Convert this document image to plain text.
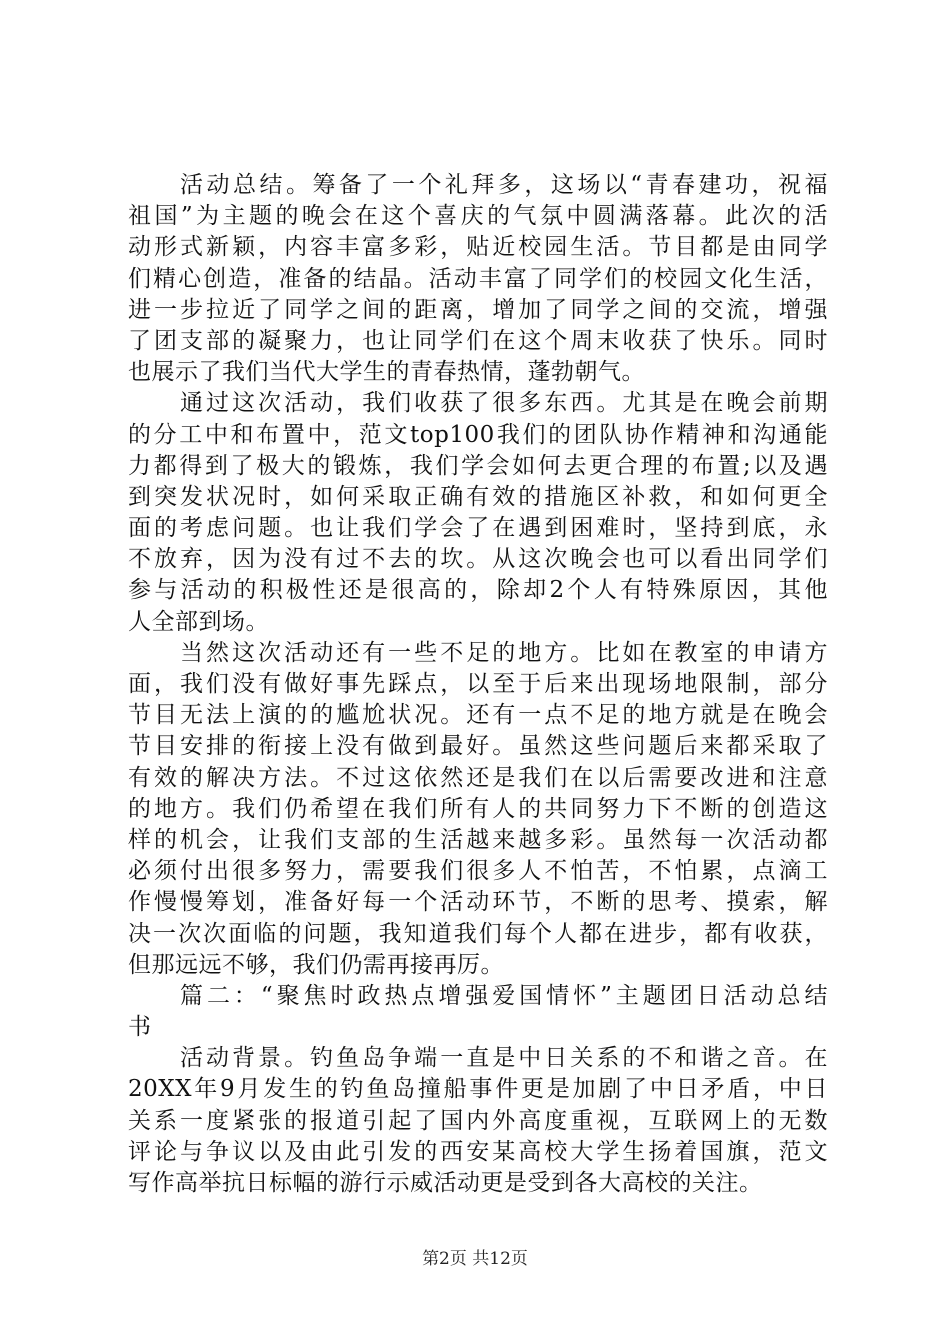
活动总结。筹备了一个礼拜多，这场以“青春建功，祝福
祖国”为主题的晚会在这个喜庆的气氛中圆满落幕。此次的活
动形式新颖，内容丰富多彩，贴近校园生活。节目都是由同学
们精心创造，准备的结晶。活动丰富了同学们的校园文化生活，
进一步拉近了同学之间的距离，增加了同学之间的交流，增强
了团支部的凝聚力，也让同学们在这个周末收获了快乐。同时
也展示了我们当代大学生的青春热情，蓬勃朝气。
通过这次活动，我们收获了很多东西。尤其是在晚会前期
的分工中和布置中，范文top100我们的团队协作精神和沟通能
力都得到了极大的锻炼，我们学会如何去更合理的布置;以及遇
到突发状况时，如何采取正确有效的措施区补救，和如何更全
面的考虑问题。也让我们学会了在遇到困难时，坚持到底，永
不放弃，因为没有过不去的坎。从这次晚会也可以看出同学们
参与活动的积极性还是很高的，除却2个人有特殊原因，其他
人全部到场。
当然这次活动还有一些不足的地方。比如在教室的申请方
面，我们没有做好事先踩点，以至于后来出现场地限制，部分
节目无法上演的的尴尬状况。还有一点不足的地方就是在晚会
节目安排的衔接上没有做到最好。虽然这些问题后来都采取了
有效的解决方法。不过这依然还是我们在以后需要改进和注意
的地方。我们仍希望在我们所有人的共同努力下不断的创造这
样的机会，让我们支部的生活越来越多彩。虽然每一次活动都
必须付出很多努力，需要我们很多人不怕苦，不怕累，点滴工
作慢慢筹划，准备好每一个活动环节，不断的思考、摸索，解
决一次次面临的问题，我知道我们每个人都在进步，都有收获，
但那远远不够，我们仍需再接再厉。
篇二：“聚焦时政热点增强爱国情怀”主题团日活动总结
书
活动背景。钓鱼岛争端一直是中日关系的不和谐之音。在
20XX年9月发生的钓鱼岛撞船事件更是加剧了中日矛盾，中日
关系一度紧张的报道引起了国内外高度重视，互联网上的无数
评论与争议以及由此引发的西安某高校大学生扬着国旗，范文
写作高举抗日标幅的游行示威活动更是受到各大高校的关注。
第2页 共12页
